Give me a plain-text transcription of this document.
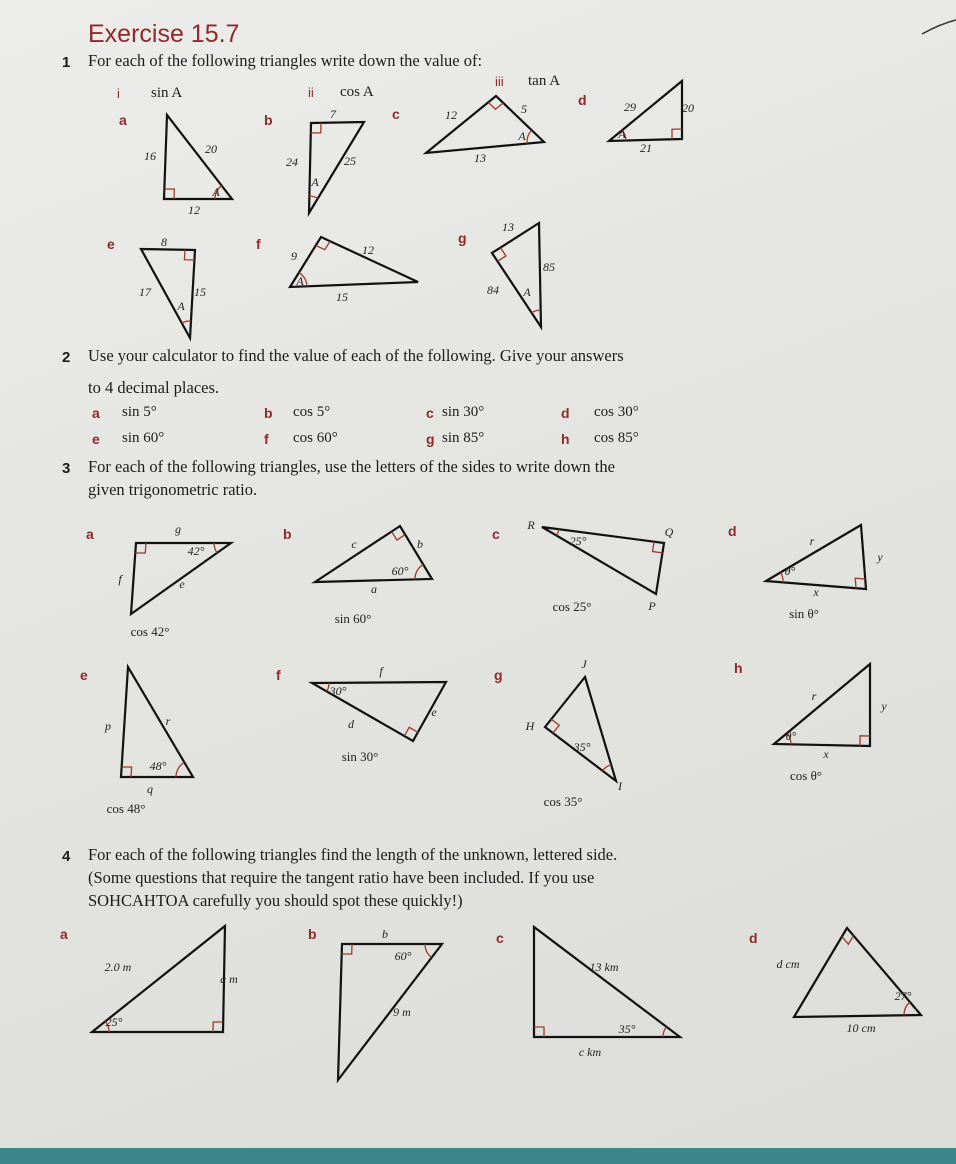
Exercise 15.7
1 For each of the following triangles write down the value of:
i sin A	ii cos A
iii tan A
2 Use your calculator to find the value of each of the following. Give your answers
to 4 decimal places.
3 For each of the following triangles, use the letters of the sides to write down the
given trigonometric ratio.
4 For each of the following triangles find the length of the unknown, lettered side.
(Some questions that require the tangent ratio have been included. If you use
SOHCAHTOA carefully you should spot these quickly!)
16	20
12
A
7
24	25
A
12	5
13
A
29	20
21
A
8
17	15
A
9	12
15
A
13
85
84 A
g
f	e
42°
cos 42°
c	b
a
60°
sin 60°
R	Q
P
25°
cos 25°
r
y
x
θ°
sin θ°
p	r
q
48°
cos 48°
f
d
e
30°
sin 30°
J
H
I
35°
cos 35°
r
y
x
θ°
cos θ°
2.0 m
a m
25°
b
60°
9 m
13 km
35°
c km
d cm
27°
10 cm
a	b	c
d
e	f	g
a	b	c	d
e	f	g	h
a	b	c	d
a sin 5°	b cos 5°	c sin 30°	d cos 30°
e sin 60°	f cos 60°	g sin 85°	h cos 85°
